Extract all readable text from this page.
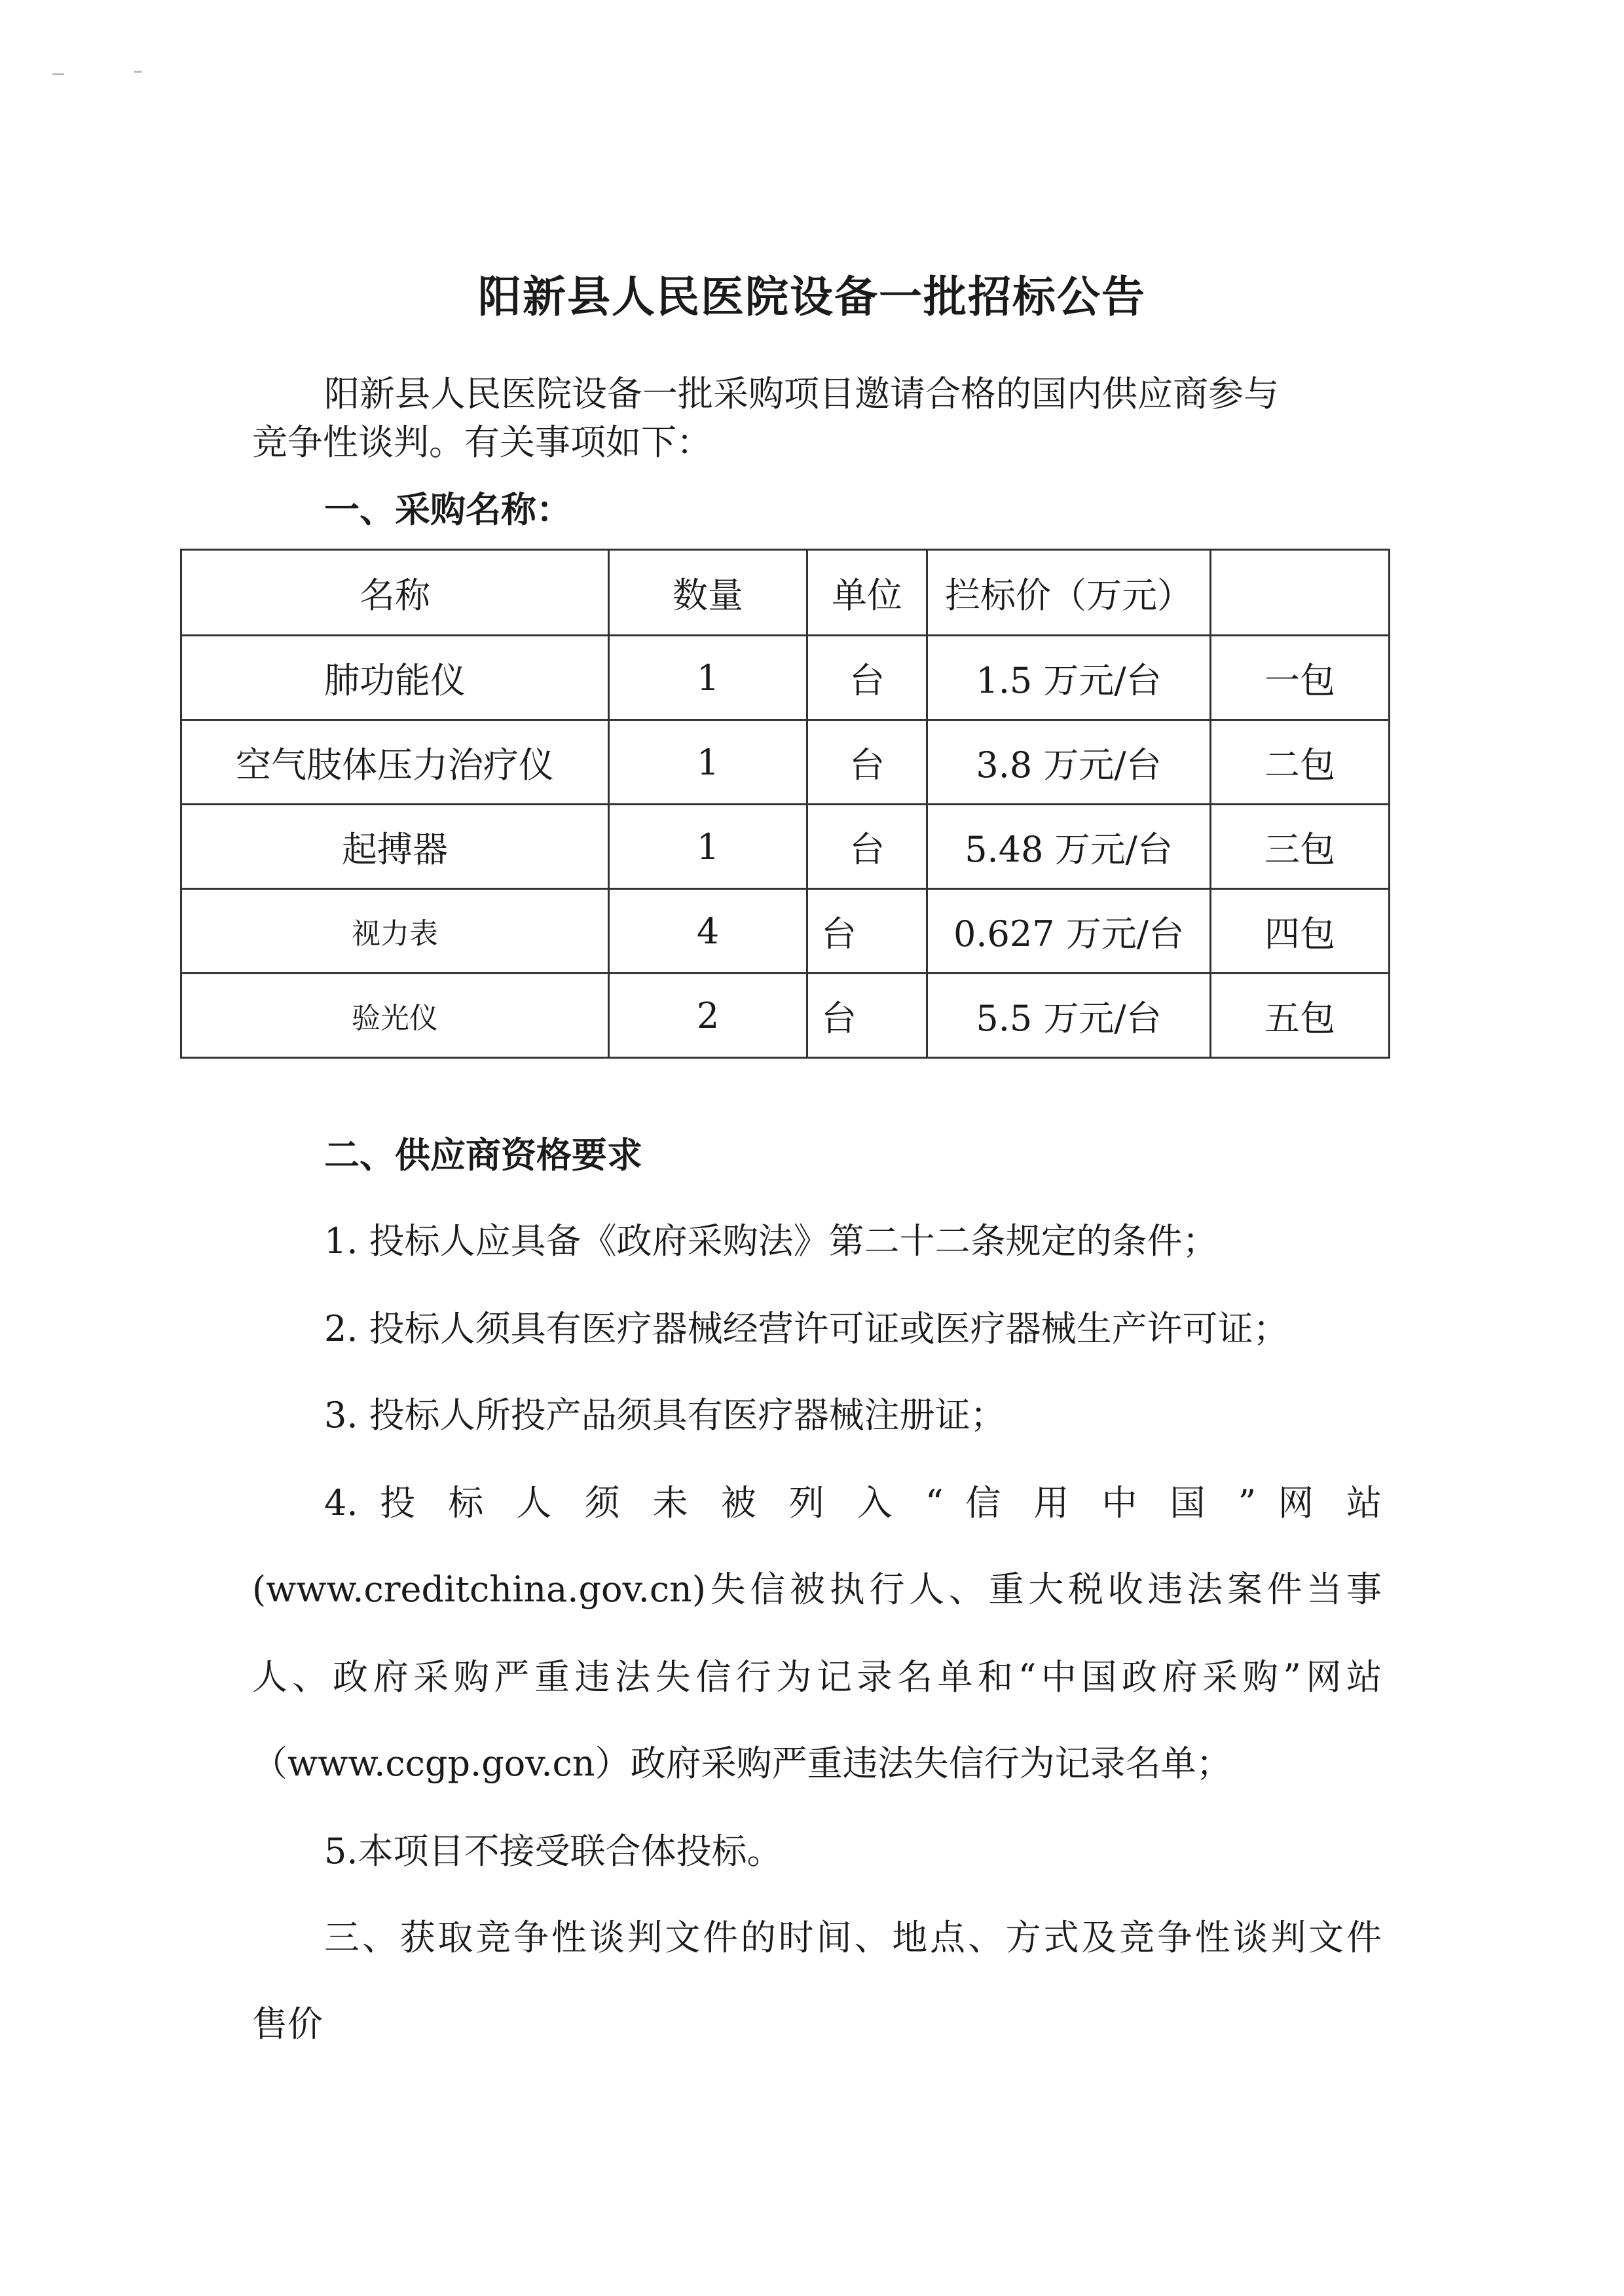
阳新县人民医院设备一批招标公告
阳新县人民医院设备一批采购项目邀请合格的国内供应商参与
竞争性谈判。有关事项如下：
一、采购名称：
名称	数量	单位	拦标价（万元）	
肺功能仪	1	台	1.5 万元/台	一包
空气肢体压力治疗仪	1	台	3.8 万元/台	二包
起搏器	1	台	5.48 万元/台	三包
视力表	4	台	0.627 万元/台	四包
验光仪	2	台	5.5 万元/台	五包
二、供应商资格要求
1. 投标人应具备《政府采购法》第二十二条规定的条件；
2. 投标人须具有医疗器械经营许可证或医疗器械生产许可证；
3. 投标人所投产品须具有医疗器械注册证；
4. 投 标 人 须 未 被 列 入 “ 信 用 中 国 ” 网 站
(www.creditchina.gov.cn)失信被执行人、重大税收违法案件当事
人、政府采购严重违法失信行为记录名单和“中国政府采购”网站
（www.ccgp.gov.cn）政府采购严重违法失信行为记录名单；
5.本项目不接受联合体投标。
三、获取竞争性谈判文件的时间、地点、方式及竞争性谈判文件
售价
